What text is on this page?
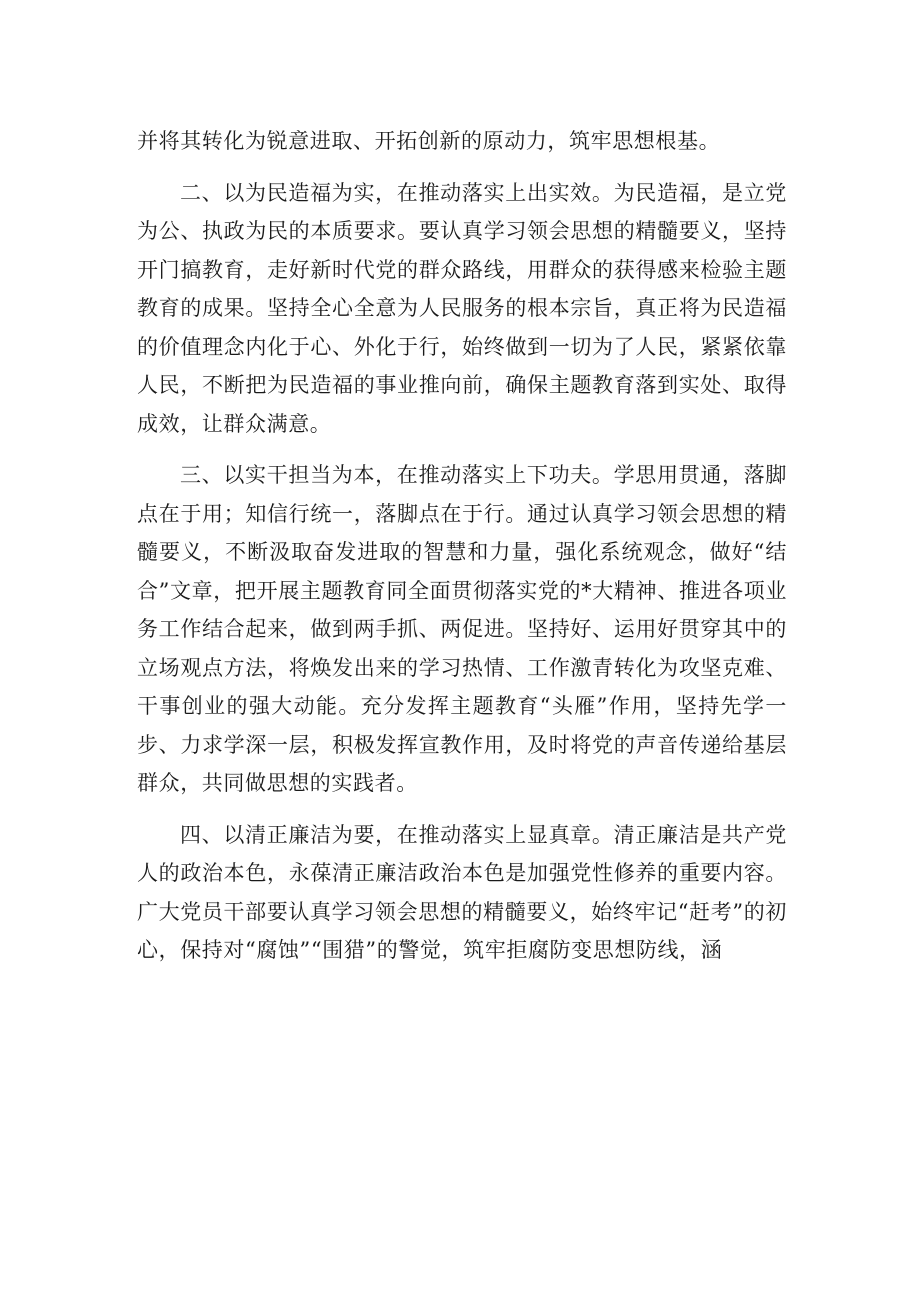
并将其转化为锐意进取、开拓创新的原动力，筑牢思想根基。

二、以为民造福为实，在推动落实上出实效。为民造福，是立党为公、执政为民的本质要求。要认真学习领会思想的精髓要义，坚持开门搞教育，走好新时代党的群众路线，用群众的获得感来检验主题教育的成果。坚持全心全意为人民服务的根本宗旨，真正将为民造福的价值理念内化于心、外化于行，始终做到一切为了人民，紧紧依靠人民，不断把为民造福的事业推向前，确保主题教育落到实处、取得成效，让群众满意。

三、以实干担当为本，在推动落实上下功夫。学思用贯通，落脚点在于用；知信行统一，落脚点在于行。通过认真学习领会思想的精髓要义，不断汲取奋发进取的智慧和力量，强化系统观念，做好“结合”文章，把开展主题教育同全面贯彻落实党的*大精神、推进各项业务工作结合起来，做到两手抓、两促进。坚持好、运用好贯穿其中的立场观点方法，将焕发出来的学习热情、工作激青转化为攻坚克难、干事创业的强大动能。充分发挥主题教育“头雁”作用，坚持先学一步、力求学深一层，积极发挥宣教作用，及时将党的声音传递给基层群众，共同做思想的实践者。

四、以清正廉洁为要，在推动落实上显真章。清正廉洁是共产党人的政治本色，永葆清正廉洁政治本色是加强党性修养的重要内容。广大党员干部要认真学习领会思想的精髓要义，始终牢记“赶考”的初心，保持对“腐蚀”“围猎”的警觉，筑牢拒腐防变思想防线，涵
